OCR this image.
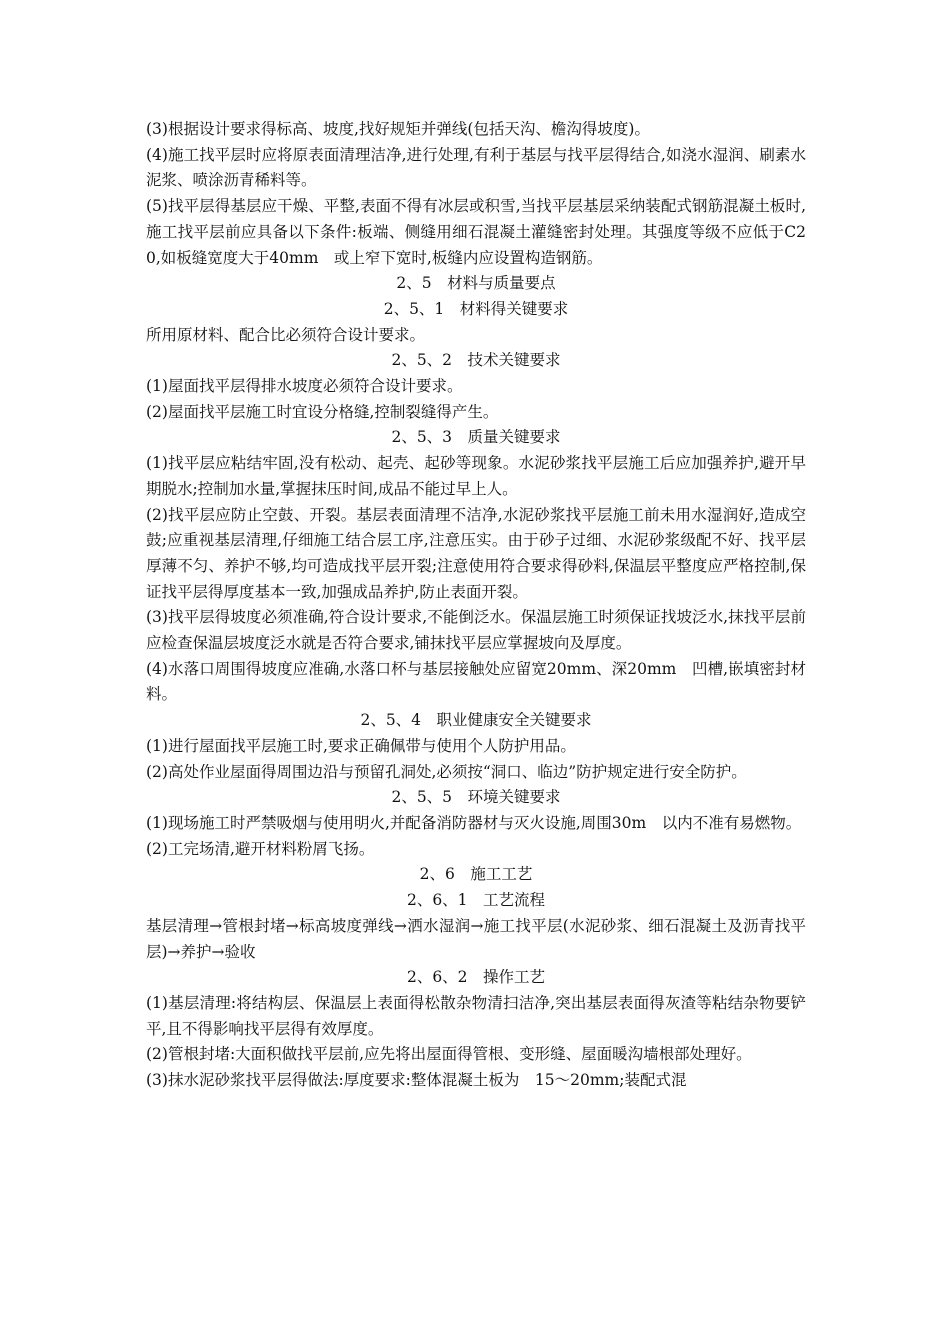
(3)根据设计要求得标高、坡度,找好规矩并弹线(包括天沟、檐沟得坡度)。

(4)施工找平层时应将原表面清理洁净,进行处理,有利于基层与找平层得结合,如浇水湿润、刷素水泥浆、喷涂沥青稀料等。

(5)找平层得基层应干燥、平整,表面不得有冰层或积雪,当找平层基层采纳装配式钢筋混凝土板时,施工找平层前应具备以下条件:板端、侧缝用细石混凝土灌缝密封处理。其强度等级不应低于C20,如板缝宽度大于40mm　或上窄下宽时,板缝内应设置构造钢筋。

2、5　材料与质量要点

2、5、1　材料得关键要求

所用原材料、配合比必须符合设计要求。

2、5、2　技术关键要求

(1)屋面找平层得排水坡度必须符合设计要求。

(2)屋面找平层施工时宜设分格缝,控制裂缝得产生。

2、5、3　质量关键要求

(1)找平层应粘结牢固,没有松动、起壳、起砂等现象。水泥砂浆找平层施工后应加强养护,避开早期脱水;控制加水量,掌握抹压时间,成品不能过早上人。

(2)找平层应防止空鼓、开裂。基层表面清理不洁净,水泥砂浆找平层施工前未用水湿润好,造成空鼓;应重视基层清理,仔细施工结合层工序,注意压实。由于砂子过细、水泥砂浆级配不好、找平层厚薄不匀、养护不够,均可造成找平层开裂;注意使用符合要求得砂料,保温层平整度应严格控制,保证找平层得厚度基本一致,加强成品养护,防止表面开裂。

(3)找平层得坡度必须准确,符合设计要求,不能倒泛水。保温层施工时须保证找坡泛水,抹找平层前应检查保温层坡度泛水就是否符合要求,铺抹找平层应掌握坡向及厚度。

(4)水落口周围得坡度应准确,水落口杯与基层接触处应留宽20mm、深20mm　凹槽,嵌填密封材料。

2、5、4　职业健康安全关键要求

(1)进行屋面找平层施工时,要求正确佩带与使用个人防护用品。

(2)高处作业屋面得周围边沿与预留孔洞处,必须按“洞口、临边”防护规定进行安全防护。

2、5、5　环境关键要求

(1)现场施工时严禁吸烟与使用明火,并配备消防器材与灭火设施,周围30m　以内不准有易燃物。

(2)工完场清,避开材料粉屑飞扬。

2、6　施工工艺

2、6、1　工艺流程

基层清理→管根封堵→标高坡度弹线→洒水湿润→施工找平层(水泥砂浆、细石混凝土及沥青找平层)→养护→验收

2、6、2　操作工艺

(1)基层清理:将结构层、保温层上表面得松散杂物清扫洁净,突出基层表面得灰渣等粘结杂物要铲平,且不得影响找平层得有效厚度。

(2)管根封堵:大面积做找平层前,应先将出屋面得管根、变形缝、屋面暖沟墙根部处理好。

(3)抹水泥砂浆找平层得做法:厚度要求:整体混凝土板为　15～20mm;装配式混
